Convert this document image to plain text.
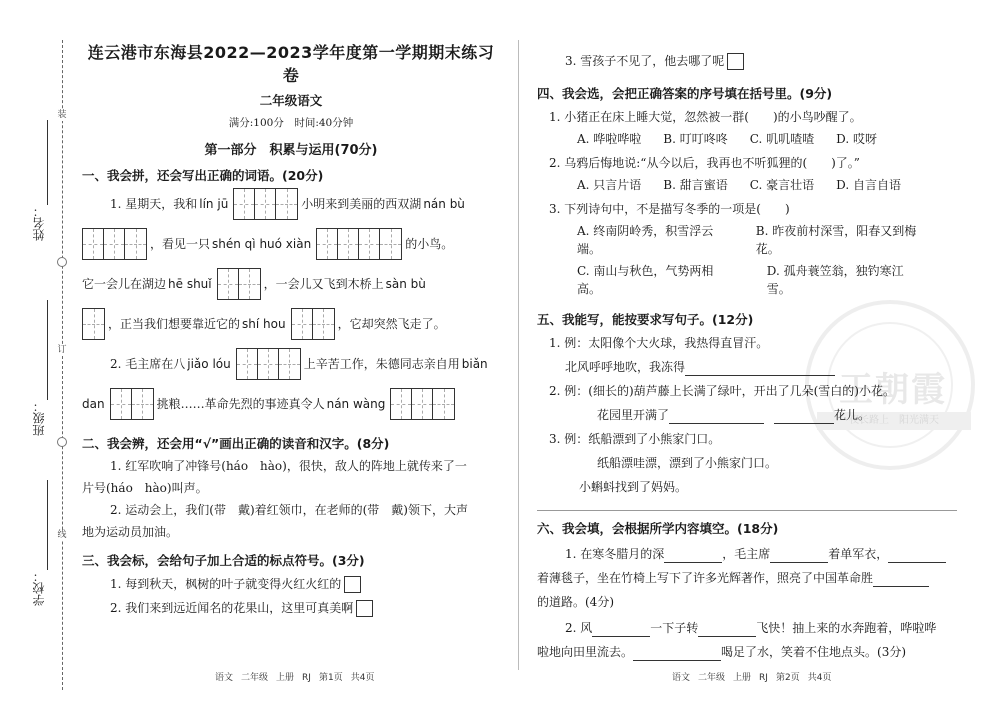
装
订
线
姓名：
班级：
学校：
连云港市东海县2022—2023学年度第一学期期末练习卷
二年级语文
满分:100分　时间:40分钟
第一部分　积累与运用(70分)
一、我会拼，还会写出正确的词语。(20分)
1. 星期天，我和 lín jū	小明来到美丽的西双湖 nán bù
，看见一只 shén qì huó xiàn	的小鸟。
它一会儿在湖边 hē shuǐ	，一会儿又飞到木桥上 sàn bù
，正当我们想要靠近它的 shí hou	，它却突然飞走了。
2. 毛主席在八 jiǎo lóu	上辛苦工作，朱德同志亲自用 biǎn
dan	挑粮……革命先烈的事迹真令人 nán wàng
二、我会辨，还会用“√”画出正确的读音和汉字。(8分)
1. 红军吹响了冲锋号(háo　hào)，很快，敌人的阵地上就传来了一
片号(háo　hào)叫声。
2. 运动会上，我们(带　戴)着红领巾，在老师的(带　戴)领下，大声
地为运动员加油。
三、我会标，会给句子加上合适的标点符号。(3分)
1. 每到秋天，枫树的叶子就变得火红火红的
2. 我们来到远近闻名的花果山，这里可真美啊
语文 二年级 上册 RJ 第1页 共4页
王朝霞
夜长路上　阳光满天
3. 雪孩子不见了，他去哪了呢
四、我会选，会把正确答案的序号填在括号里。(9分)
1. 小猪正在床上睡大觉，忽然被一群(　　)的小鸟吵醒了。
A. 哗啦哗啦 B. 叮叮咚咚 C. 叽叽喳喳 D. 哎呀
2. 乌鸦后悔地说:“从今以后，我再也不听狐狸的(　　)了。”
A. 只言片语 B. 甜言蜜语 C. 豪言壮语 D. 自言自语
3. 下列诗句中，不是描写冬季的一项是(　　)
A. 终南阴岭秀，积雪浮云端。
B. 昨夜前村深雪，阳春又到梅花。
C. 南山与秋色，气势两相高。
D. 孤舟蓑笠翁，独钓寒江雪。
五、我能写，能按要求写句子。(12分)
1. 例：太阳像个大火球，我热得直冒汗。
北风呼呼地吹，我冻得
2. 例：(细长的)葫芦藤上长满了绿叶，开出了几朵(雪白的)小花。
花园里开满了	花儿。
3. 例：纸船漂到了小熊家门口。
纸船漂哇漂，漂到了小熊家门口。
小蝌蚪找到了妈妈。
六、我会填，会根据所学内容填空。(18分)
1. 在寒冬腊月的深	，毛主席	着单军衣，
着薄毯子，坐在竹椅上写下了许多光辉著作，照亮了中国革命胜
的道路。(4分)
2. 风	一下子转	飞快！抽上来的水奔跑着，哗啦哗
啦地向田里流去。	喝足了水，笑着不住地点头。(3分)
语文 二年级 上册 RJ 第2页 共4页
